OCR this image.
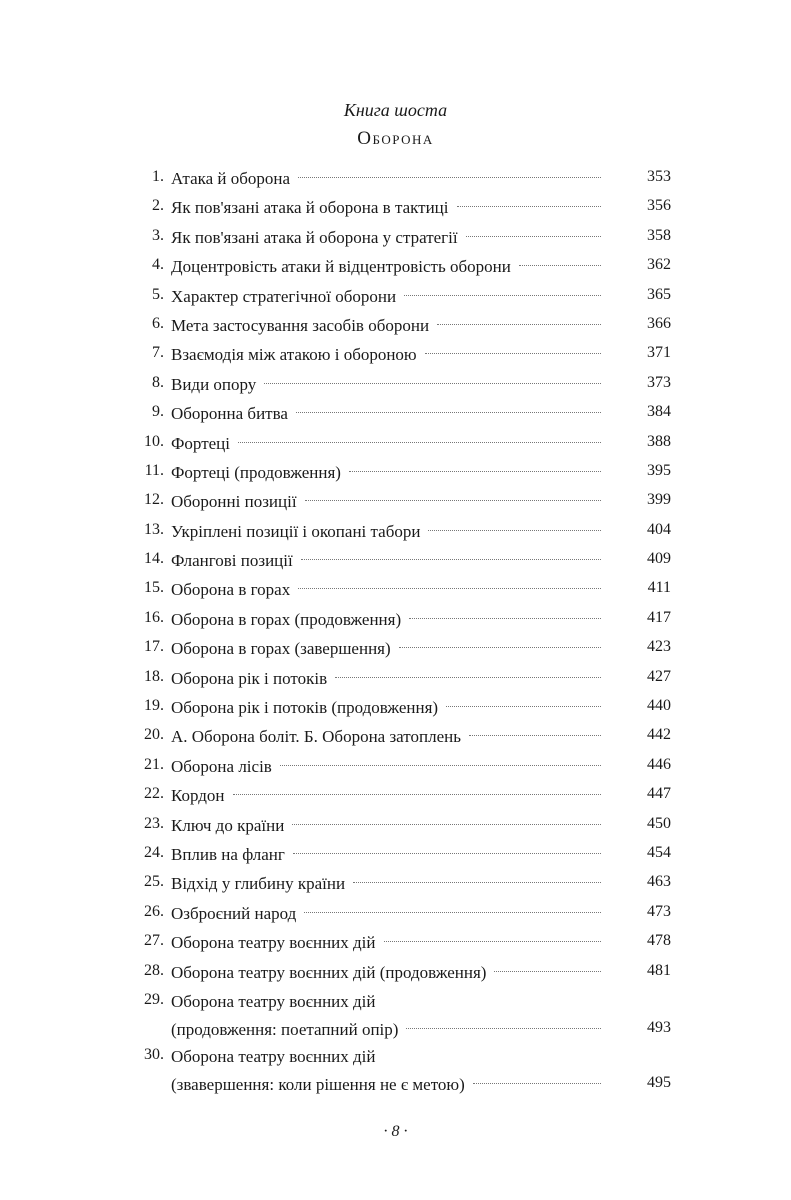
Книга шоста
Оборона
1. Атака й оборона	353
2. Як пов'язані атака й оборона в тактиці	356
3. Як пов'язані атака й оборона у стратегії	358
4. Доцентровість атаки й відцентровість оборони	362
5. Характер стратегічної оборони	365
6. Мета застосування засобів оборони	366
7. Взаємодія між атакою і обороною	371
8. Види опору	373
9. Оборонна битва	384
10. Фортеці	388
11. Фортеці (продовження)	395
12. Оборонні позиції	399
13. Укріплені позиції і окопані табори	404
14. Флангові позиції	409
15. Оборона в горах	411
16. Оборона в горах (продовження)	417
17. Оборона в горах (завершення)	423
18. Оборона рік і потоків	427
19. Оборона рік і потоків (продовження)	440
20. А. Оборона боліт. Б. Оборона затоплень	442
21. Оборона лісів	446
22. Кордон	447
23. Ключ до країни	450
24. Вплив на фланг	454
25. Відхід у глибину країни	463
26. Озброєний народ	473
27. Оборона театру воєнних дій	478
28. Оборона театру воєнних дій (продовження)	481
29. Оборона театру воєнних дій
(продовження: поетапний опір)	493
30. Оборона театру воєнних дій
(звавершення: коли рішення не є метою)	495
· 8 ·
